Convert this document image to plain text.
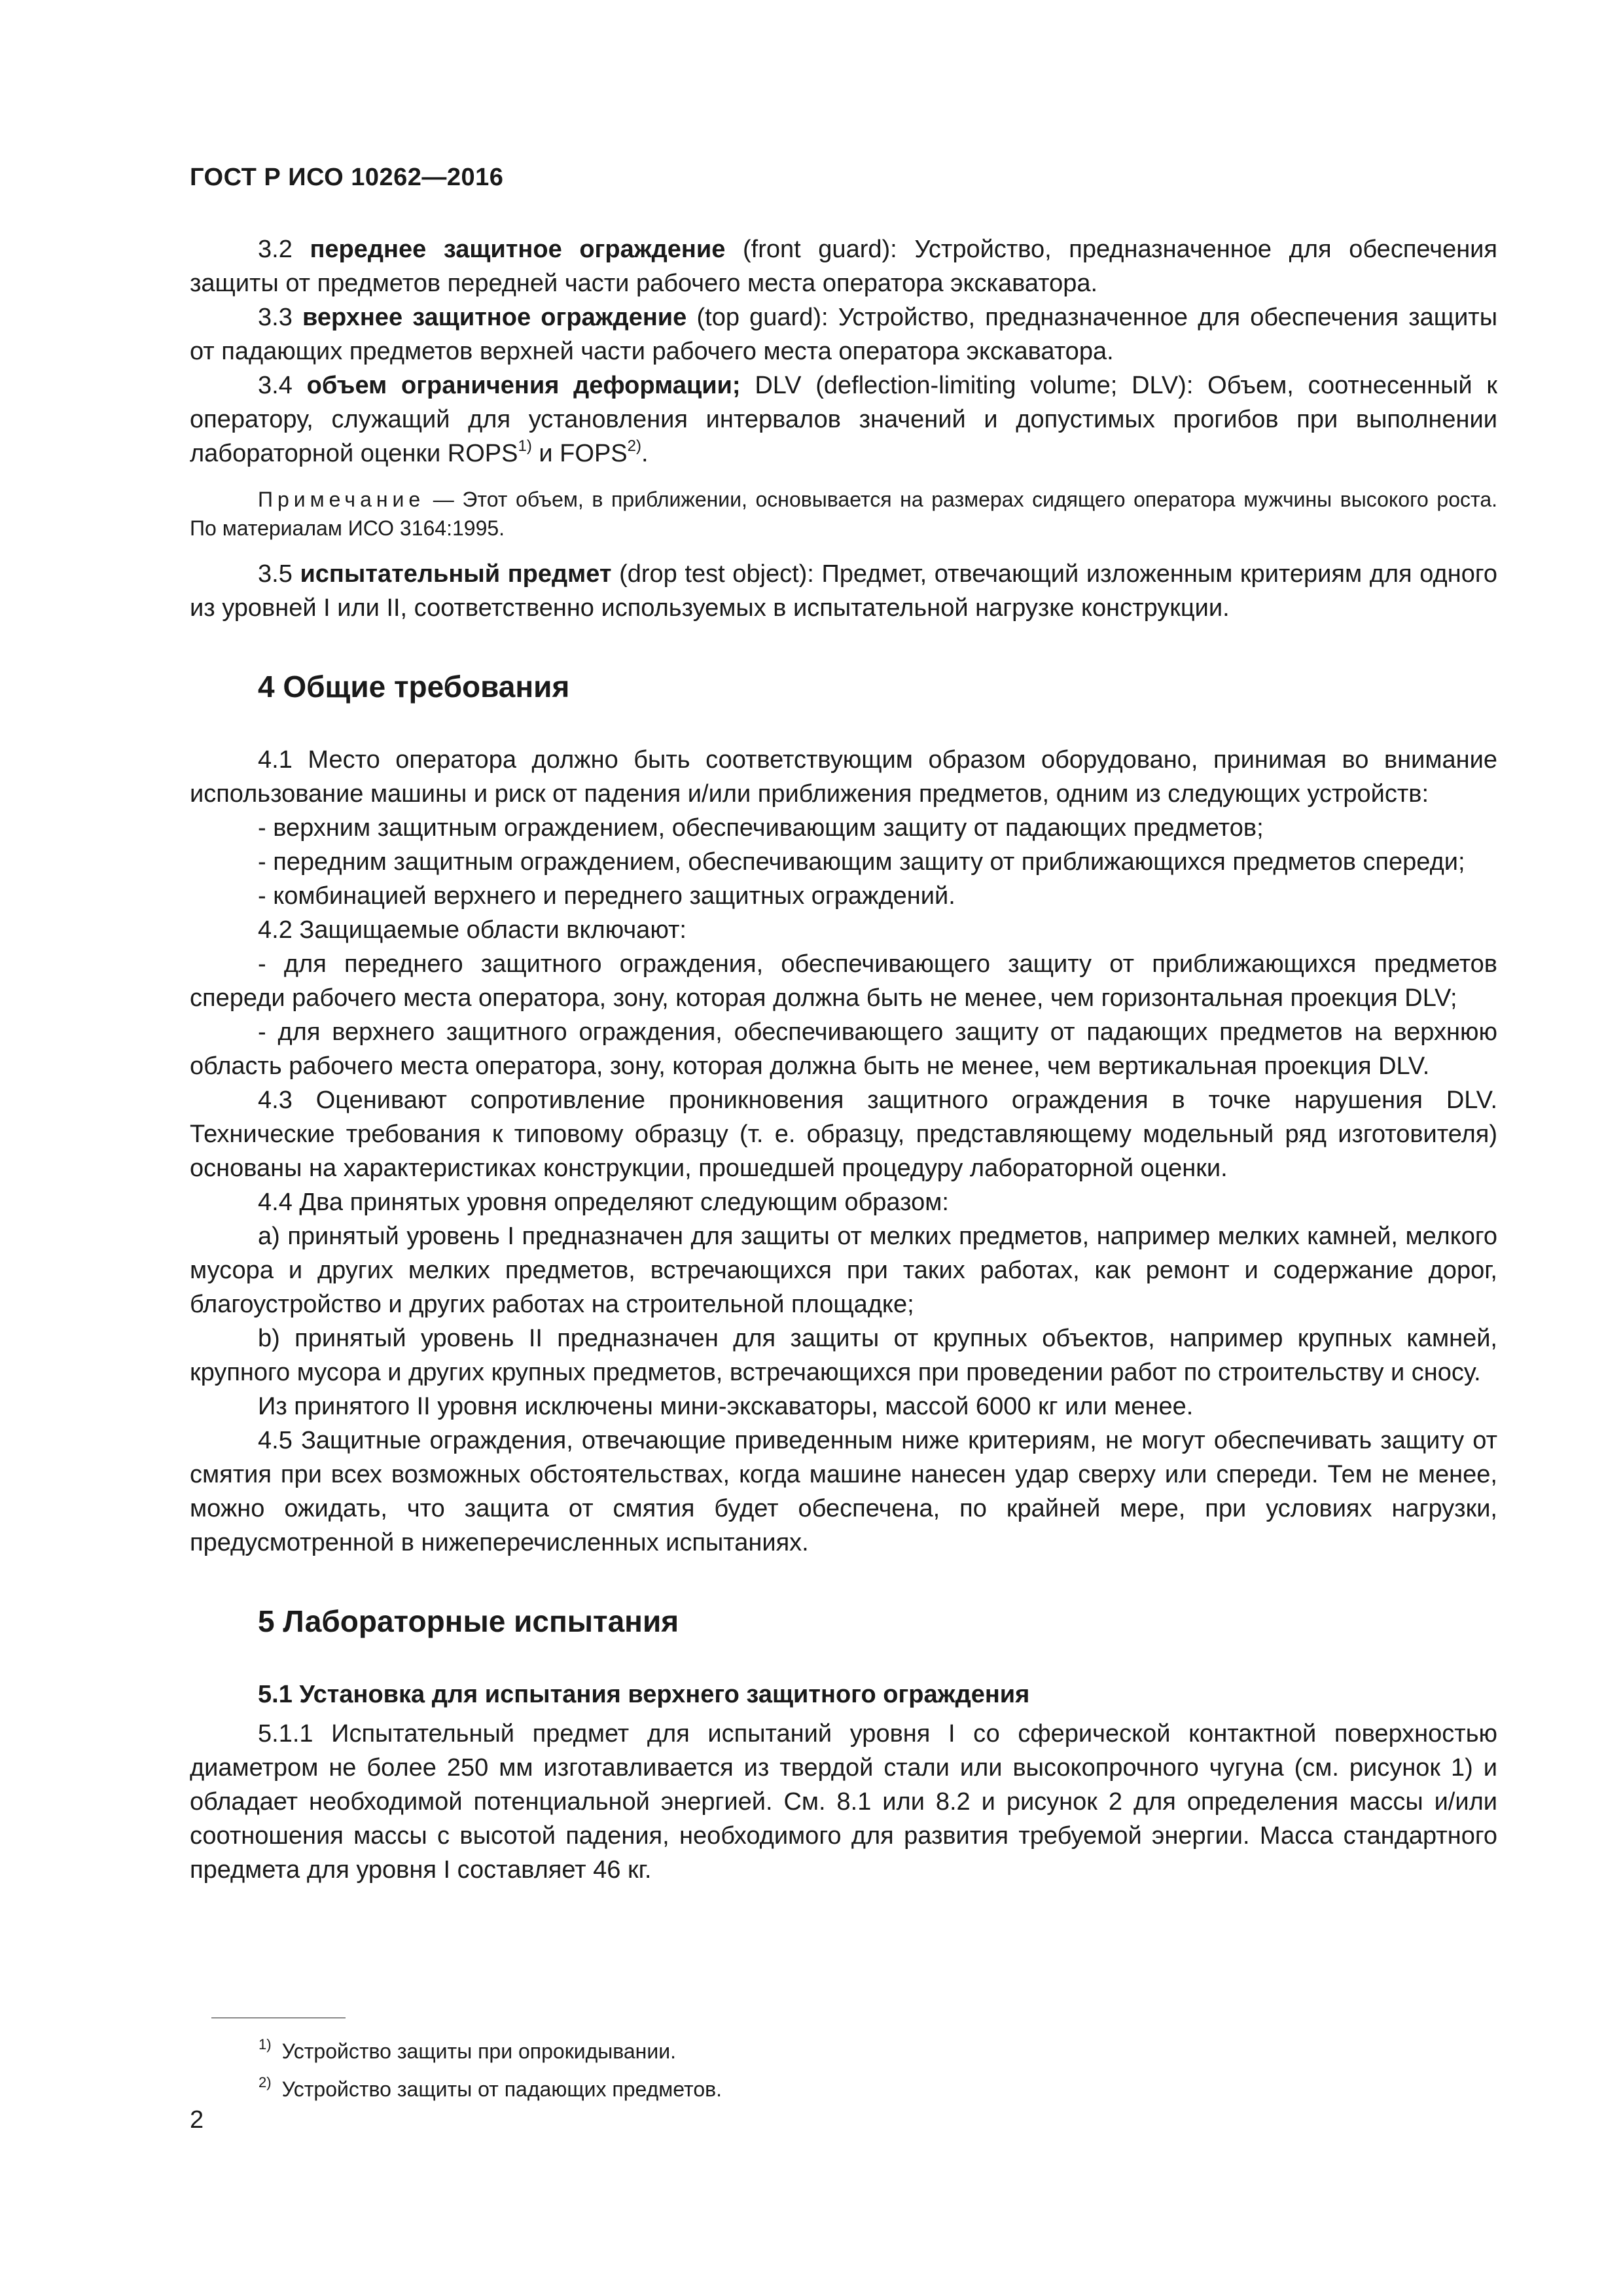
ГОСТ Р ИСО 10262—2016

3.2 переднее защитное ограждение (front guard): Устройство, предназначенное для обеспечения защиты от предметов передней части рабочего места оператора экскаватора.

3.3 верхнее защитное ограждение (top guard): Устройство, предназначенное для обеспечения защиты от падающих предметов верхней части рабочего места оператора экскаватора.

3.4 объем ограничения деформации; DLV (deflection-limiting volume; DLV): Объем, соотнесенный к оператору, служащий для установления интервалов значений и допустимых прогибов при выполнении лабораторной оценки ROPS$^{1)}$ и FOPS$^{2)}$.

Примечание — Этот объем, в приближении, основывается на размерах сидящего оператора мужчины высокого роста. По материалам ИСО 3164:1995.

3.5 испытательный предмет (drop test object): Предмет, отвечающий изложенным критериям для одного из уровней I или II, соответственно используемых в испытательной нагрузке конструкции.

4 Общие требования

4.1 Место оператора должно быть соответствующим образом оборудовано, принимая во внимание использование машины и риск от падения и/или приближения предметов, одним из следующих устройств:

- верхним защитным ограждением, обеспечивающим защиту от падающих предметов;

- передним защитным ограждением, обеспечивающим защиту от приближающихся предметов спереди;

- комбинацией верхнего и переднего защитных ограждений.

4.2 Защищаемые области включают:

- для переднего защитного ограждения, обеспечивающего защиту от приближающихся предметов спереди рабочего места оператора, зону, которая должна быть не менее, чем горизонтальная проекция DLV;

- для верхнего защитного ограждения, обеспечивающего защиту от падающих предметов на верхнюю область рабочего места оператора, зону, которая должна быть не менее, чем вертикальная проекция DLV.

4.3 Оценивают сопротивление проникновения защитного ограждения в точке нарушения DLV. Технические требования к типовому образцу (т. е. образцу, представляющему модельный ряд изготовителя) основаны на характеристиках конструкции, прошедшей процедуру лабораторной оценки.

4.4 Два принятых уровня определяют следующим образом:

a) принятый уровень I предназначен для защиты от мелких предметов, например мелких камней, мелкого мусора и других мелких предметов, встречающихся при таких работах, как ремонт и содержание дорог, благоустройство и других работах на строительной площадке;

b) принятый уровень II предназначен для защиты от крупных объектов, например крупных камней, крупного мусора и других крупных предметов, встречающихся при проведении работ по строительству и сносу.

Из принятого II уровня исключены мини-экскаваторы, массой 6000 кг или менее.

4.5 Защитные ограждения, отвечающие приведенным ниже критериям, не могут обеспечивать защиту от смятия при всех возможных обстоятельствах, когда машине нанесен удар сверху или спереди. Тем не менее, можно ожидать, что защита от смятия будет обеспечена, по крайней мере, при условиях нагрузки, предусмотренной в нижеперечисленных испытаниях.

5 Лабораторные испытания
5.1 Установка для испытания верхнего защитного ограждения

5.1.1 Испытательный предмет для испытаний уровня I со сферической контактной поверхностью диаметром не более 250 мм изготавливается из твердой стали или высокопрочного чугуна (см. рисунок 1) и обладает необходимой потенциальной энергией. См. 8.1 или 8.2 и рисунок 2 для определения массы и/или соотношения массы с высотой падения, необходимого для развития требуемой энергии. Масса стандартного предмета для уровня I составляет 46 кг.

$^{1)}$ Устройство защиты при опрокидывании.

$^{2)}$ Устройство защиты от падающих предметов.

2
